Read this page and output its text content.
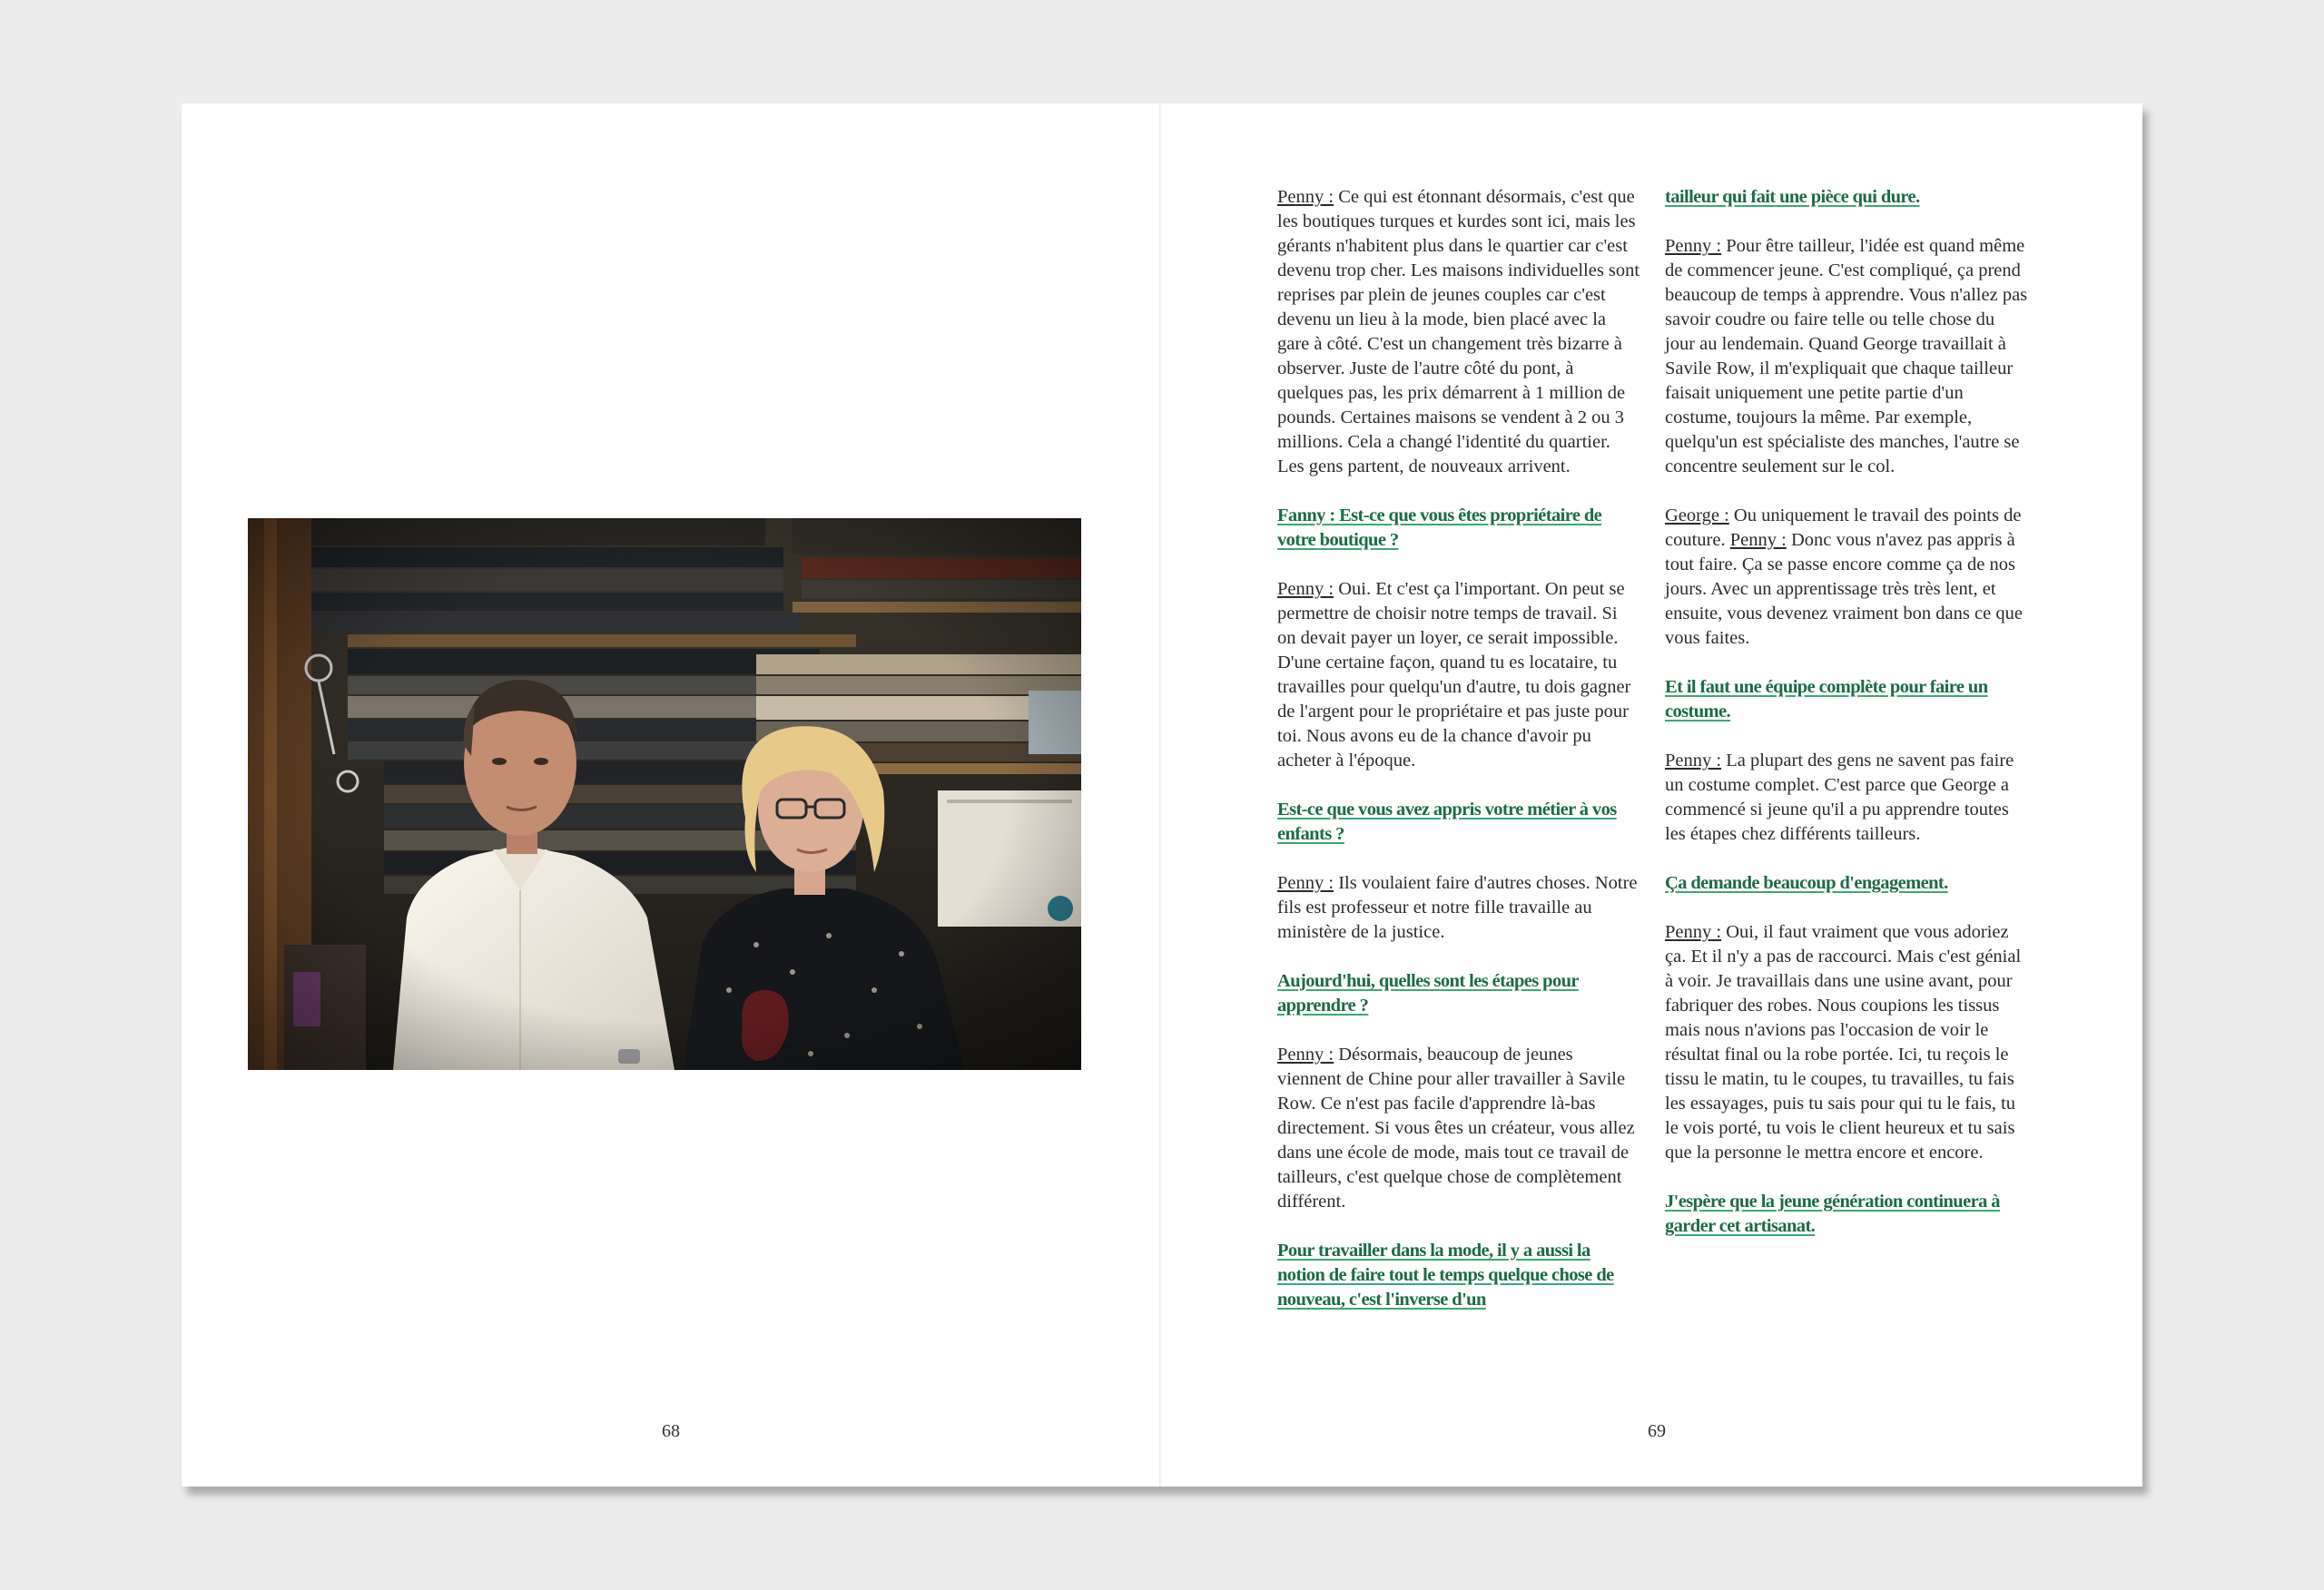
68

Penny : Ce qui est étonnant désormais, c'est que les boutiques turques et kurdes sont ici, mais les gérants n'habitent plus dans le quartier car c'est devenu trop cher. Les maisons individuelles sont reprises par plein de jeunes couples car c'est devenu un lieu à la mode, bien placé avec la gare à côté. C'est un changement très bizarre à observer. Juste de l'autre côté du pont, à quelques pas, les prix démarrent à 1 million de pounds. Certaines maisons se vendent à 2 ou 3 millions. Cela a changé l'identité du quartier. Les gens partent, de nouveaux arrivent.

Fanny : Est-ce que vous êtes propriétaire de votre boutique ?

Penny : Oui. Et c'est ça l'important. On peut se permettre de choisir notre temps de travail. Si on devait payer un loyer, ce serait impossible. D'une certaine façon, quand tu es locataire, tu travailles pour quelqu'un d'autre, tu dois gagner de l'argent pour le propriétaire et pas juste pour toi. Nous avons eu de la chance d'avoir pu acheter à l'époque.

Est-ce que vous avez appris votre métier à vos enfants ?

Penny : Ils voulaient faire d'autres choses. Notre fils est professeur et notre fille travaille au ministère de la justice.

Aujourd'hui, quelles sont les étapes pour apprendre ?

Penny : Désormais, beaucoup de jeunes viennent de Chine pour aller travailler à Savile Row. Ce n'est pas facile d'apprendre là-bas directement. Si vous êtes un créateur, vous allez dans une école de mode, mais tout ce travail de tailleurs, c'est quelque chose de complètement différent.

Pour travailler dans la mode, il y a aussi la notion de faire tout le temps quelque chose de nouveau, c'est l'inverse d'un

tailleur qui fait une pièce qui dure.

Penny : Pour être tailleur, l'idée est quand même de commencer jeune. C'est compliqué, ça prend beaucoup de temps à apprendre. Vous n'allez pas savoir coudre ou faire telle ou telle chose du jour au lendemain. Quand George travaillait à Savile Row, il m'expliquait que chaque tailleur faisait uniquement une petite partie d'un costume, toujours la même. Par exemple, quelqu'un est spécialiste des manches, l'autre se concentre seulement sur le col.

George : Ou uniquement le travail des points de couture. Penny : Donc vous n'avez pas appris à tout faire. Ça se passe encore comme ça de nos jours. Avec un apprentissage très très lent, et ensuite, vous devenez vraiment bon dans ce que vous faites.

Et il faut une équipe complète pour faire un costume.

Penny : La plupart des gens ne savent pas faire un costume complet. C'est parce que George a commencé si jeune qu'il a pu apprendre toutes les étapes chez différents tailleurs.

Ça demande beaucoup d'engagement.

Penny : Oui, il faut vraiment que vous adoriez ça. Et il n'y a pas de raccourci. Mais c'est génial à voir. Je travaillais dans une usine avant, pour fabriquer des robes. Nous coupions les tissus mais nous n'avions pas l'occasion de voir le résultat final ou la robe portée. Ici, tu reçois le tissu le matin, tu le coupes, tu travailles, tu fais les essayages, puis tu sais pour qui tu le fais, tu le vois porté, tu vois le client heureux et tu sais que la personne le mettra encore et encore.

J'espère que la jeune génération continuera à garder cet artisanat.

69
